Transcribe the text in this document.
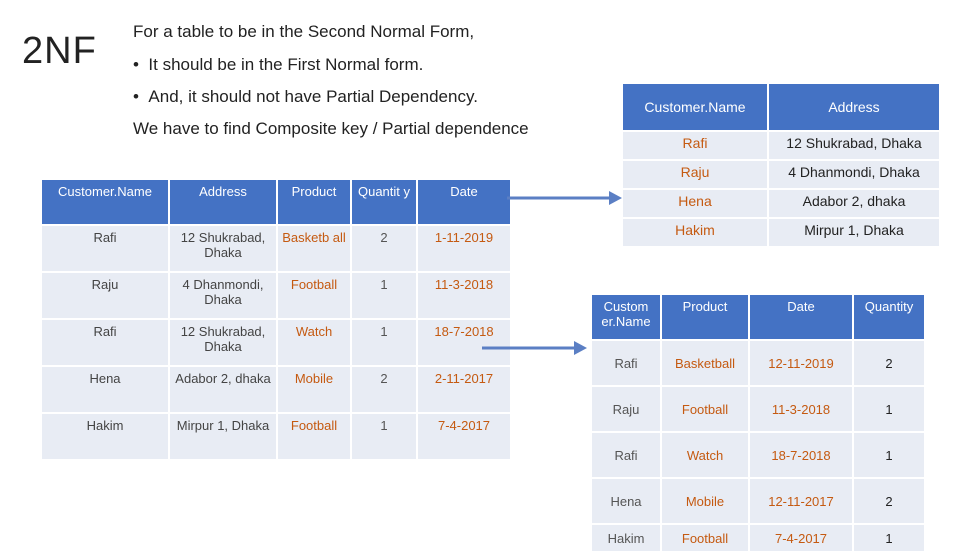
2NF For a table to be in the Second Normal Form,
• It should be in the First Normal form.
• And, it should not have Partial Dependency.
We have to find Composite key / Partial dependence
Customer.Name	Address	Product	Quantit y	Date
Rafi	12 Shukrabad, Dhaka	Basketb all	2	1-11-2019
Raju	4 Dhanmondi, Dhaka	Football	1	11-3-2018
Rafi	12 Shukrabad, Dhaka	Watch	1	18-7-2018
Hena	Adabor 2, dhaka	Mobile	2	2-11-2017
Hakim	Mirpur 1, Dhaka	Football	1	7-4-2017
Customer.Name	Address
Rafi	12 Shukrabad, Dhaka
Raju	4 Dhanmondi, Dhaka
Hena	Adabor 2, dhaka
Hakim	Mirpur 1, Dhaka
Custom er.Name	Product	Date	Quantity
Rafi	Basketball	12-11-2019	2
Raju	Football	11-3-2018	1
Rafi	Watch	18-7-2018	1
Hena	Mobile	12-11-2017	2
Hakim	Football	7-4-2017	1
